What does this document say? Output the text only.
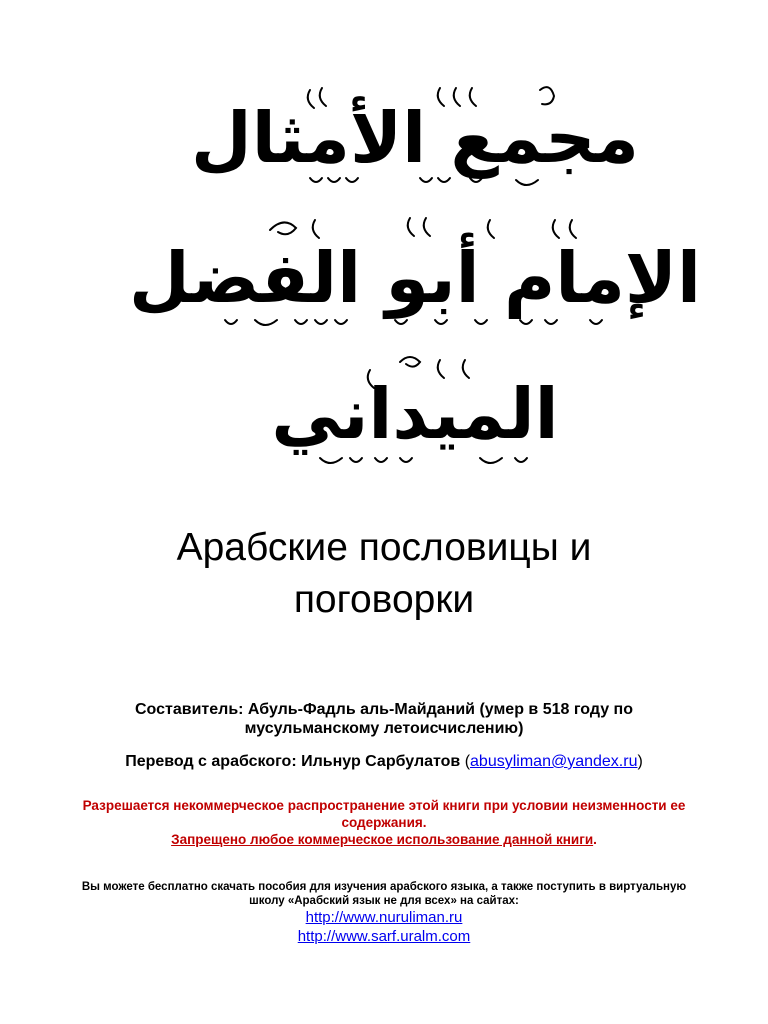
مجمع الأمثال
الإمام أبو الفضل
الميداني
Арабские пословицы и
поговорки
Составитель: Абуль-Фадль аль-Майданий (умер в 518 году по мусульманскому летоисчислению)
Перевод с арабского: Ильнур Сарбулатов (abusyliman@yandex.ru)
Разрешается некоммерческое распространение этой книги при условии неизменности ее содержания.
Запрещено любое коммерческое использование данной книги.
Вы можете бесплатно скачать пособия для изучения арабского языка, а также поступить в виртуальную школу «Арабский язык не для всех» на сайтах:
http://www.nuruliman.ru
http://www.sarf.uralm.com
